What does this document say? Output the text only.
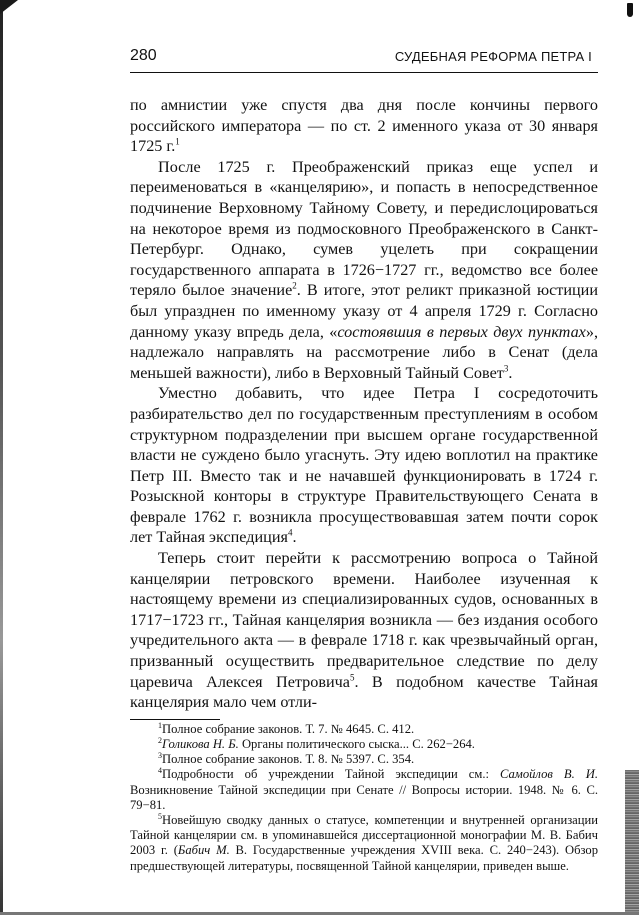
280	СУДЕБНАЯ РЕФОРМА ПЕТРА I

по амнистии уже спустя два дня после кончины первого российского императора — по ст. 2 именного указа от 30 января 1725 г.$^1$

После 1725 г. Преображенский приказ еще успел и переименоваться в «канцелярию», и попасть в непосредственное подчинение Верховному Тайному Совету, и передислоцироваться на некоторое время из подмосковного Преображенского в Санкт-Петербург. Однако, сумев уцелеть при сокращении государственного аппарата в 1726−1727 гг., ведомство все более теряло былое значение$^2$. В итоге, этот реликт приказной юстиции был упразднен по именному указу от 4 апреля 1729 г. Согласно данному указу впредь дела, «состоявшия в первых двух пунктах», надлежало направлять на рассмотрение либо в Сенат (дела меньшей важности), либо в Верховный Тайный Совет$^3$.

Уместно добавить, что идее Петра I сосредоточить разбирательство дел по государственным преступлениям в особом структурном подразделении при высшем органе государственной власти не суждено было угаснуть. Эту идею воплотил на практике Петр III. Вместо так и не начавшей функционировать в 1724 г. Розыскной конторы в структуре Правительствующего Сената в феврале 1762 г. возникла просуществовавшая затем почти сорок лет Тайная экспедиция$^4$.

Теперь стоит перейти к рассмотрению вопроса о Тайной канцелярии петровского времени. Наиболее изученная к настоящему времени из специализированных судов, основанных в 1717−1723 гг., Тайная канцелярия возникла — без издания особого учредительного акта — в феврале 1718 г. как чрезвычайный орган, призванный осуществить предварительное следствие по делу царевича Алексея Петровича$^5$. В подобном качестве Тайная канцелярия мало чем отли-

$^1$Полное собрание законов. Т. 7. № 4645. С. 412.

$^2$Голикова Н. Б. Органы политического сыска... С. 262−264.

$^3$Полное собрание законов. Т. 8. № 5397. С. 354.

$^4$Подробности об учреждении Тайной экспедиции см.: Самойлов В. И. Возникновение Тайной экспедиции при Сенате // Вопросы истории. 1948. № 6. С. 79−81.

$^5$Новейшую сводку данных о статусе, компетенции и внутренней организации Тайной канцелярии см. в упоминавшейся диссертационной монографии М. В. Бабич 2003 г. (Бабич М. В. Государственные учреждения XVIII века. С. 240−243). Обзор предшествующей литературы, посвященной Тайной канцелярии, приведен выше.
